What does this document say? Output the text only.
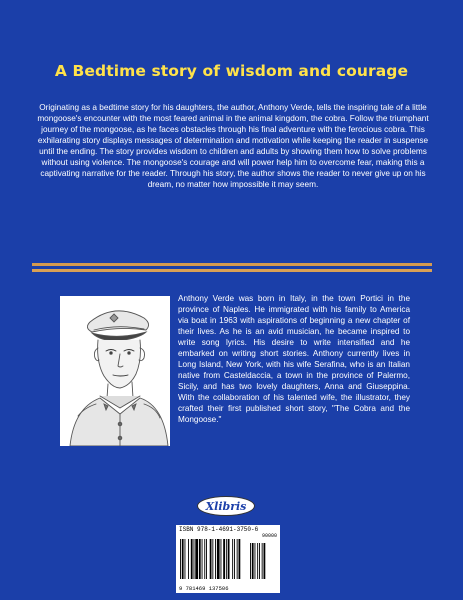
A Bedtime story of wisdom and courage
Originating as a bedtime story for his daughters, the author, Anthony Verde, tells the inspiring tale of a little mongoose's encounter with the most feared animal in the animal kingdom, the cobra. Follow the triumphant journey of the mongoose, as he faces obstacles through his final adventure with the ferocious cobra. This exhilarating story displays messages of determination and motivation while keeping the reader in suspense until the ending. The story provides wisdom to children and adults by showing them how to solve problems without using violence. The mongoose's courage and will power help him to overcome fear, making this a captivating narrative for the reader. Through his story, the author shows the reader to never give up on his dream, no matter how impossible it may seem.
Anthony Verde was born in Italy, in the town Portici in the province of Naples. He immigrated with his family to America via boat in 1963 with aspirations of beginning a new chapter of their lives. As he is an avid musician, he became inspired to write song lyrics. His desire to write intensified and he embarked on writing short stories. Anthony currently lives in Long Island, New York, with his wife Serafina, who is an Italian native from Casteldaccia, a town in the province of Palermo, Sicily, and has two lovely daughters, Anna and Giuseppina. With the collaboration of his talented wife, the illustrator, they crafted their first published short story, "The Cobra and the Mongoose."
Xlibris
ISBN 978-1-4691-3750-6
90000
9 781469 137506
